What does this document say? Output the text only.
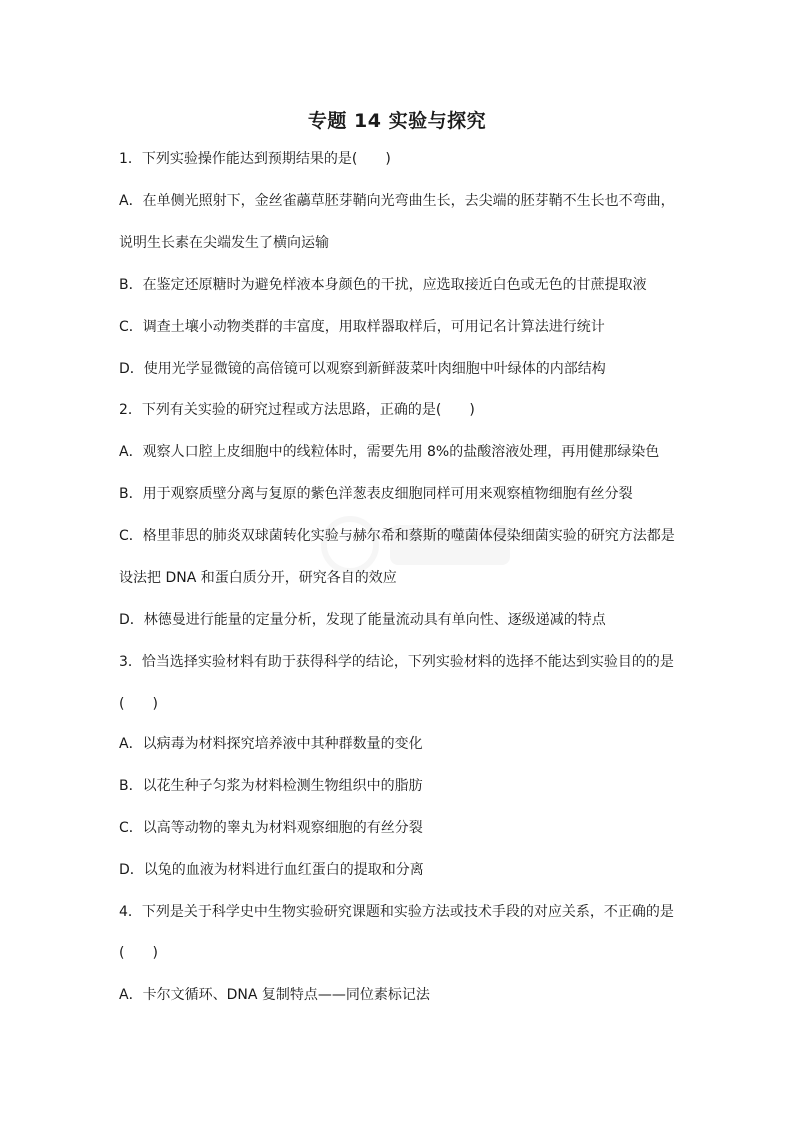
专题 14 实验与探究
1．下列实验操作能达到预期结果的是(　　)
A．在单侧光照射下，金丝雀虉草胚芽鞘向光弯曲生长，去尖端的胚芽鞘不生长也不弯曲，
说明生长素在尖端发生了横向运输
B．在鉴定还原糖时为避免样液本身颜色的干扰，应选取接近白色或无色的甘蔗提取液
C．调查土壤小动物类群的丰富度，用取样器取样后，可用记名计算法进行统计
D．使用光学显微镜的高倍镜可以观察到新鲜菠菜叶肉细胞中叶绿体的内部结构
2．下列有关实验的研究过程或方法思路，正确的是(　　)
A．观察人口腔上皮细胞中的线粒体时，需要先用 8%的盐酸溶液处理，再用健那绿染色
B．用于观察质壁分离与复原的紫色洋葱表皮细胞同样可用来观察植物细胞有丝分裂
C．格里菲思的肺炎双球菌转化实验与赫尔希和蔡斯的噬菌体侵染细菌实验的研究方法都是
设法把 DNA 和蛋白质分开，研究各自的效应
D．林德曼进行能量的定量分析，发现了能量流动具有单向性、逐级递减的特点
3．恰当选择实验材料有助于获得科学的结论，下列实验材料的选择不能达到实验目的的是
(　　)
A．以病毒为材料探究培养液中其种群数量的变化
B．以花生种子匀浆为材料检测生物组织中的脂肪
C．以高等动物的睾丸为材料观察细胞的有丝分裂
D．以兔的血液为材料进行血红蛋白的提取和分离
4．下列是关于科学史中生物实验研究课题和实验方法或技术手段的对应关系，不正确的是
(　　)
A．卡尔文循环、DNA 复制特点——同位素标记法
